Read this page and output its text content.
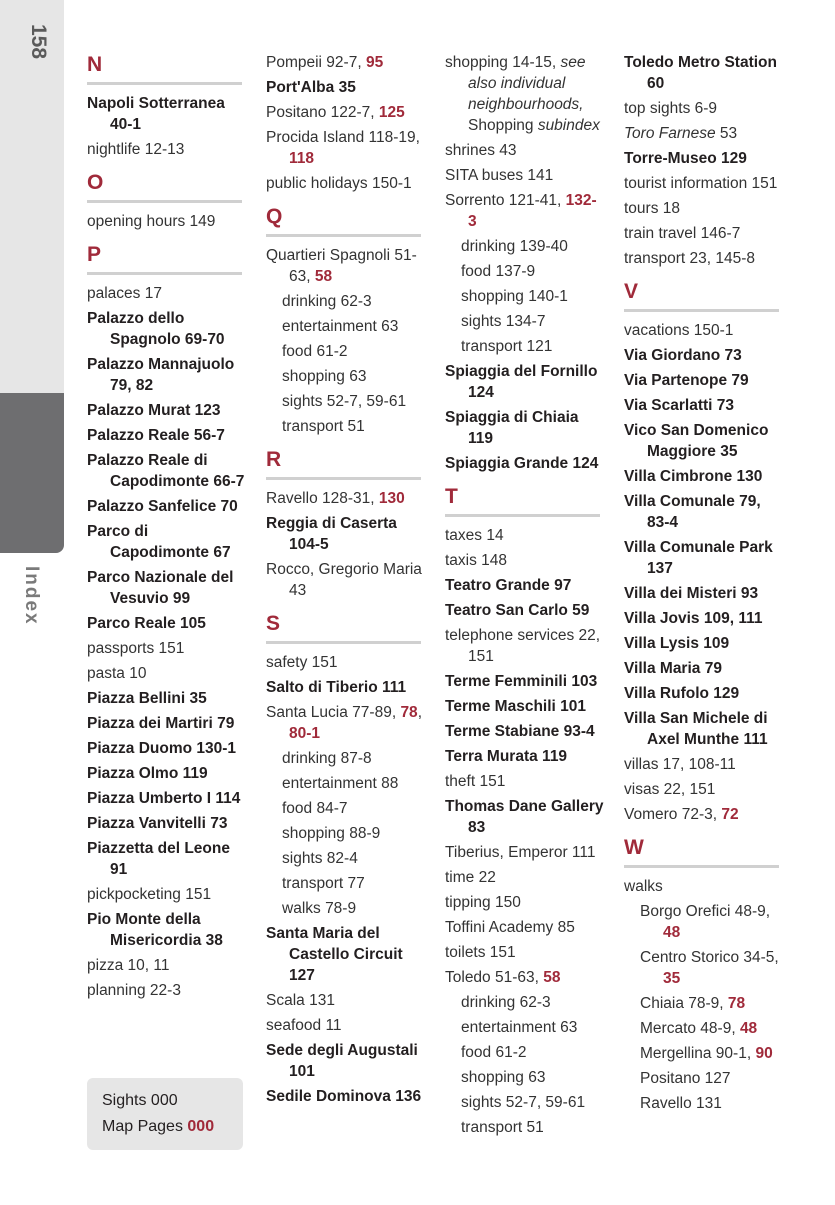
158
Index
N
Napoli Sotterranea 40-1
nightlife 12-13
O
opening hours 149
P
palaces 17
Palazzo dello Spagnolo 69-70
Palazzo Mannajuolo 79, 82
Palazzo Murat 123
Palazzo Reale 56-7
Palazzo Reale di Capodimonte 66-7
Palazzo Sanfelice 70
Parco di Capodimonte 67
Parco Nazionale del Vesuvio 99
Parco Reale 105
passports 151
pasta 10
Piazza Bellini 35
Piazza dei Martiri 79
Piazza Duomo 130-1
Piazza Olmo 119
Piazza Umberto I 114
Piazza Vanvitelli 73
Piazzetta del Leone 91
pickpocketing 151
Pio Monte della Misericordia 38
pizza 10, 11
planning 22-3
Pompeii 92-7, 95
Port'Alba 35
Positano 122-7, 125
Procida Island 118-19, 118
public holidays 150-1
Q
Quartieri Spagnoli 51-63, 58
drinking 62-3
entertainment 63
food 61-2
shopping 63
sights 52-7, 59-61
transport 51
R
Ravello 128-31, 130
Reggia di Caserta 104-5
Rocco, Gregorio Maria 43
S
safety 151
Salto di Tiberio 111
Santa Lucia 77-89, 78, 80-1
drinking 87-8
entertainment 88
food 84-7
shopping 88-9
sights 82-4
transport 77
walks 78-9
Santa Maria del Castello Circuit 127
Scala 131
seafood 11
Sede degli Augustali 101
Sedile Dominova 136
shopping 14-15, see also individual neighbourhoods, Shopping subindex
shrines 43
SITA buses 141
Sorrento 121-41, 132-3
drinking 139-40
food 137-9
shopping 140-1
sights 134-7
transport 121
Spiaggia del Fornillo 124
Spiaggia di Chiaia 119
Spiaggia Grande 124
T
taxes 14
taxis 148
Teatro Grande 97
Teatro San Carlo 59
telephone services 22, 151
Terme Femminili 103
Terme Maschili 101
Terme Stabiane 93-4
Terra Murata 119
theft 151
Thomas Dane Gallery 83
Tiberius, Emperor 111
time 22
tipping 150
Toffini Academy 85
toilets 151
Toledo 51-63, 58
drinking 62-3
entertainment 63
food 61-2
shopping 63
sights 52-7, 59-61
transport 51
Toledo Metro Station 60
top sights 6-9
Toro Farnese 53
Torre-Museo 129
tourist information 151
tours 18
train travel 146-7
transport 23, 145-8
V
vacations 150-1
Via Giordano 73
Via Partenope 79
Via Scarlatti 73
Vico San Domenico Maggiore 35
Villa Cimbrone 130
Villa Comunale 79, 83-4
Villa Comunale Park 137
Villa dei Misteri 93
Villa Jovis 109, 111
Villa Lysis 109
Villa Maria 79
Villa Rufolo 129
Villa San Michele di Axel Munthe 111
villas 17, 108-11
visas 22, 151
Vomero 72-3, 72
W
walks
Borgo Orefici 48-9, 48
Centro Storico 34-5, 35
Chiaia 78-9, 78
Mercato 48-9, 48
Mergellina 90-1, 90
Positano 127
Ravello 131
Sights 000
Map Pages 000
